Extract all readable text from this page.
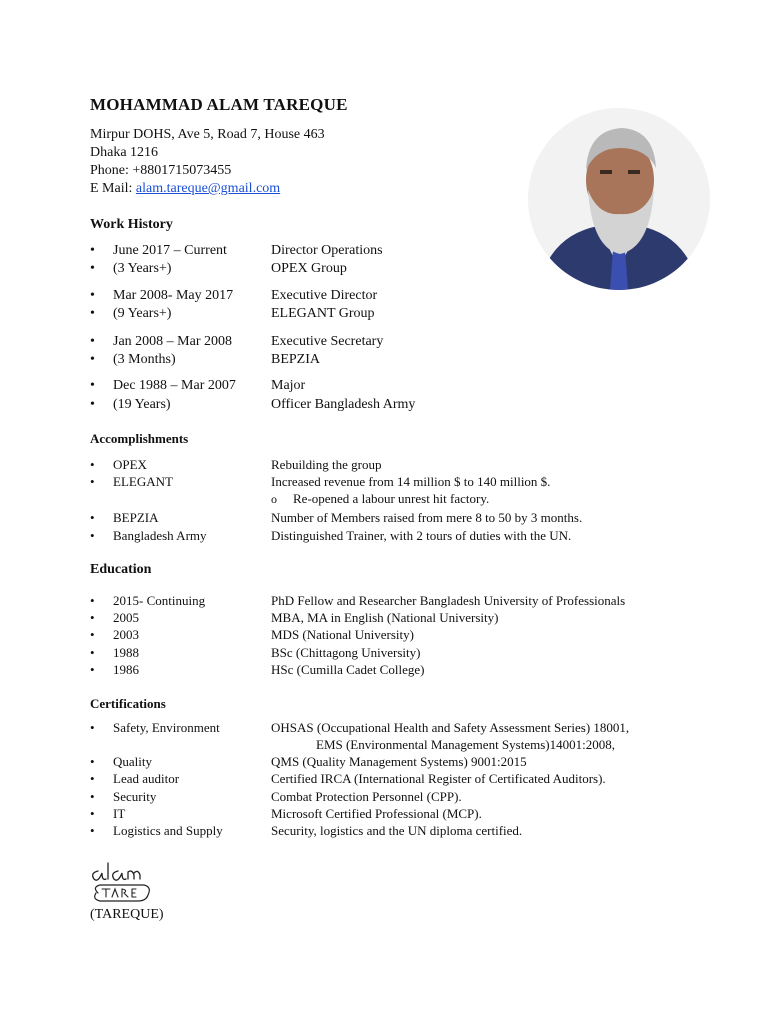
MOHAMMAD ALAM TAREQUE
Mirpur DOHS, Ave 5, Road 7, House 463
Dhaka 1216
Phone: +8801715073455
E Mail: alam.tareque@gmail.com
Work History
•	June 2017 – Current	Director Operations
•	(3 Years+)	OPEX Group
•	Mar 2008- May 2017	Executive Director
•	(9 Years+)	ELEGANT Group
•	Jan 2008 – Mar 2008	Executive Secretary
•	(3 Months)	BEPZIA
•	Dec 1988 – Mar 2007	Major
•	(19 Years)	Officer Bangladesh Army
Accomplishments
•	OPEX	Rebuilding the group
•	ELEGANT	Increased revenue from 14 million $ to 140 million $.
o Re-opened a labour unrest hit factory.
•	BEPZIA	Number of Members raised from mere 8 to 50 by 3 months.
•	Bangladesh Army	Distinguished Trainer, with 2 tours of duties with the UN.
Education
•	2015- Continuing	PhD Fellow and Researcher Bangladesh University of Professionals
•	2005	MBA, MA in English (National University)
•	2003	MDS (National University)
•	1988	BSc (Chittagong University)
•	1986	HSc (Cumilla Cadet College)
Certifications
•	Safety, Environment	OHSAS (Occupational Health and Safety Assessment Series) 18001,
EMS (Environmental Management Systems)14001:2008,
•	Quality	QMS (Quality Management Systems) 9001:2015
•	Lead auditor	Certified IRCA (International Register of Certificated Auditors).
•	Security	Combat Protection Personnel (CPP).
•	IT	Microsoft Certified Professional (MCP).
•	Logistics and Supply	Security, logistics and the UN diploma certified.
(TAREQUE)
